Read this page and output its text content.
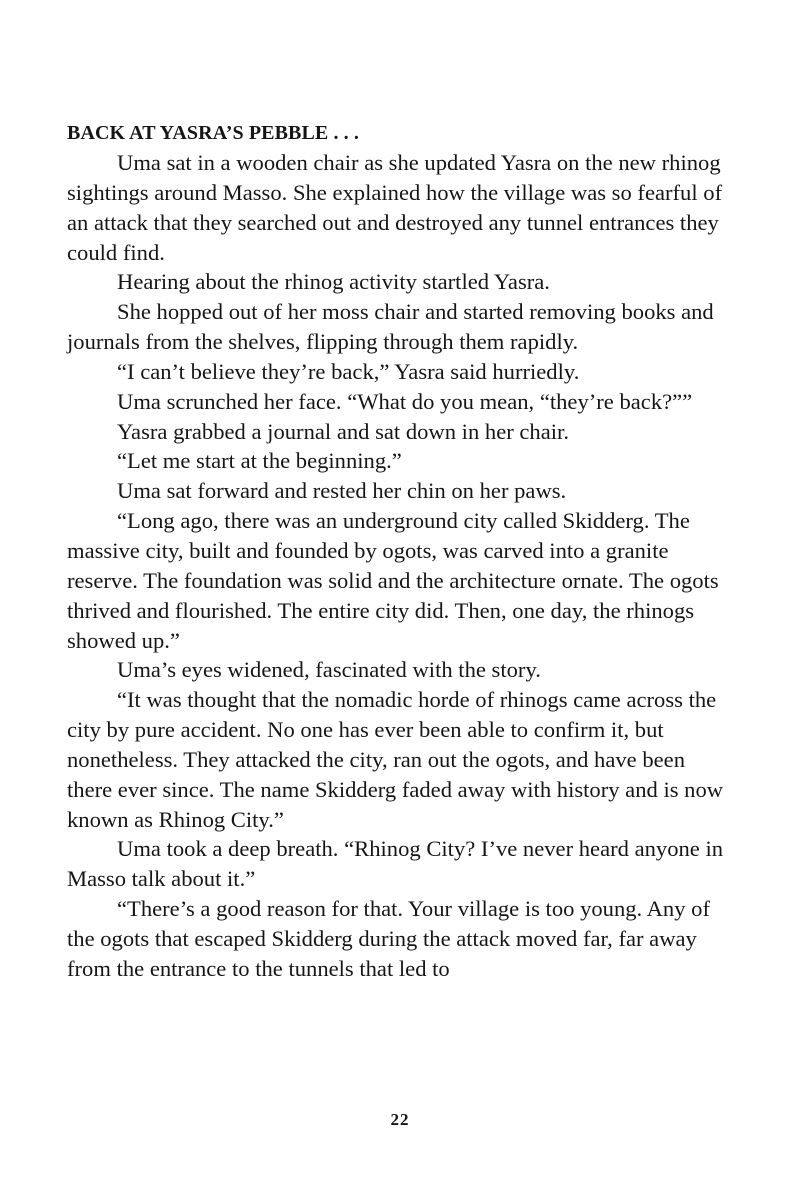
BACK AT YASRA’S PEBBLE . . .

Uma sat in a wooden chair as she updated Yasra on the new rhinog sightings around Masso. She explained how the village was so fearful of an attack that they searched out and destroyed any tunnel entrances they could find.

Hearing about the rhinog activity startled Yasra.

She hopped out of her moss chair and started removing books and journals from the shelves, flipping through them rapidly.

“I can’t believe they’re back,” Yasra said hurriedly.

Uma scrunched her face. “What do you mean, “they’re back?””

Yasra grabbed a journal and sat down in her chair.

“Let me start at the beginning.”

Uma sat forward and rested her chin on her paws.

“Long ago, there was an underground city called Skidderg. The massive city, built and founded by ogots, was carved into a granite reserve. The foundation was solid and the architecture ornate. The ogots thrived and flourished. The entire city did. Then, one day, the rhinogs showed up.”

Uma’s eyes widened, fascinated with the story.

“It was thought that the nomadic horde of rhinogs came across the city by pure accident. No one has ever been able to confirm it, but nonetheless. They attacked the city, ran out the ogots, and have been there ever since. The name Skidderg faded away with history and is now known as Rhinog City.”

Uma took a deep breath. “Rhinog City? I’ve never heard anyone in Masso talk about it.”

“There’s a good reason for that. Your village is too young. Any of the ogots that escaped Skidderg during the attack moved far, far away from the entrance to the tunnels that led to

22
